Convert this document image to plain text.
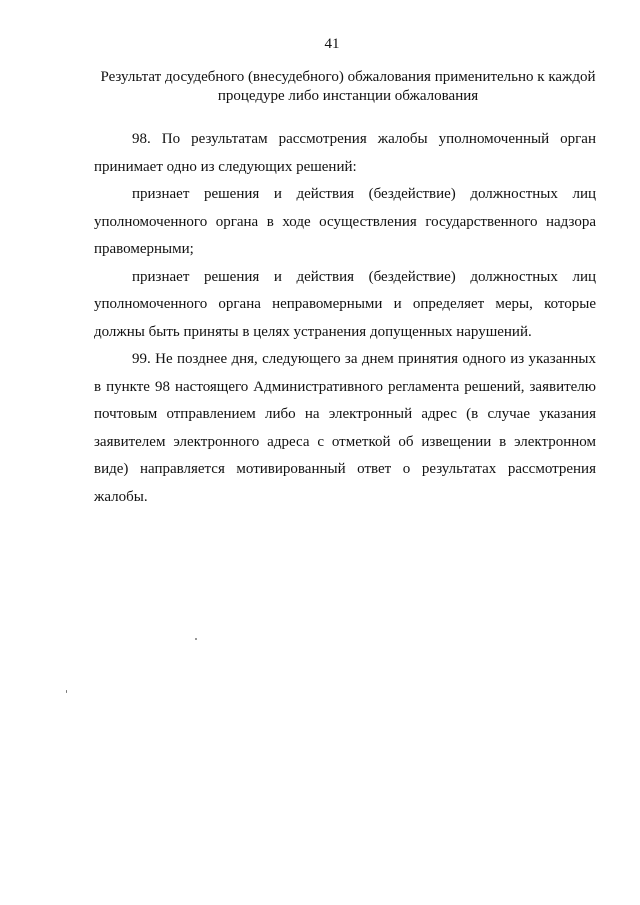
41
Результат досудебного (внесудебного) обжалования применительно к каждой процедуре либо инстанции обжалования

98. По результатам рассмотрения жалобы уполномоченный орган принимает одно из следующих решений:

признает решения и действия (бездействие) должностных лиц уполномоченного органа в ходе осуществления государственного надзора правомерными;

признает решения и действия (бездействие) должностных лиц уполномоченного органа неправомерными и определяет меры, которые должны быть приняты в целях устранения допущенных нарушений.

99. Не позднее дня, следующего за днем принятия одного из указанных в пункте 98 настоящего Административного регламента решений, заявителю почтовым отправлением либо на электронный адрес (в случае указания заявителем электронного адреса с отметкой об извещении в электронном виде) направляется мотивированный ответ о результатах рассмотрения жалобы.
